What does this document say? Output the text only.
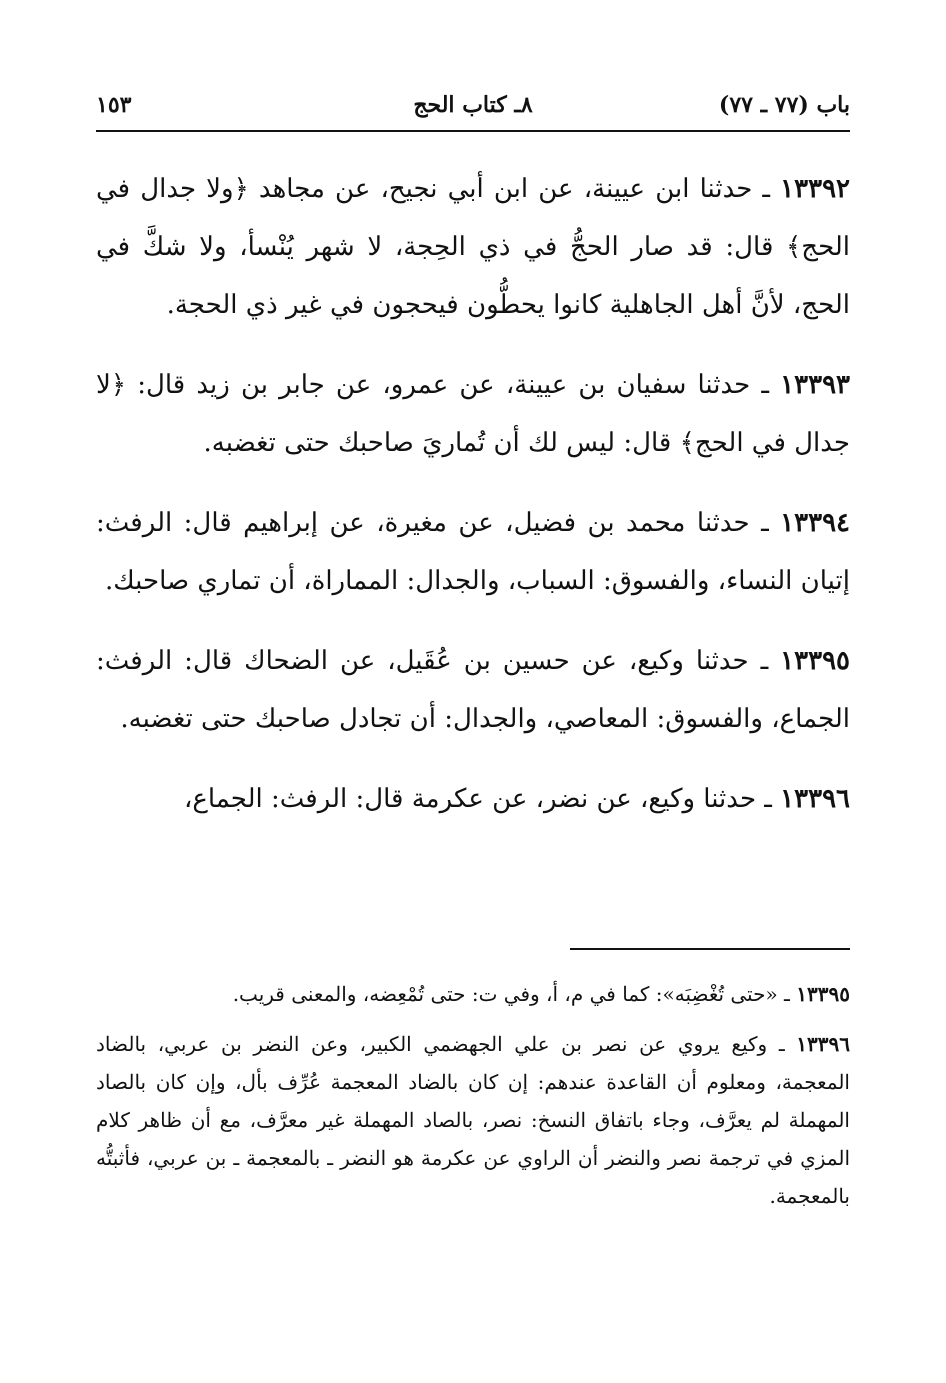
باب (٧٧ ـ ٧٧)
٨ـ كتاب الحج
١٥٣

١٣٣٩٢ ـ حدثنا ابن عيينة، عن ابن أبي نجيح، عن مجاهد ﴿ولا جدال في الحج﴾ قال: قد صار الحجُّ في ذي الحِجة، لا شهر يُنْسأ، ولا شكَّ في الحج، لأنَّ أهل الجاهلية كانوا يحطُّون فيحجون في غير ذي الحجة.

١٣٣٩٣ ـ حدثنا سفيان بن عيينة، عن عمرو، عن جابر بن زيد قال: ﴿لا جدال في الحج﴾ قال: ليس لك أن تُماريَ صاحبك حتى تغضبه.

١٣٣٩٤ ـ حدثنا محمد بن فضيل، عن مغيرة، عن إبراهيم قال: الرفث: إتيان النساء، والفسوق: السباب، والجدال: المماراة، أن تماري صاحبك.

١٣٣٩٥ ـ حدثنا وكيع، عن حسين بن عُقَيل، عن الضحاك قال: الرفث: الجماع، والفسوق: المعاصي، والجدال: أن تجادل صاحبك حتى تغضبه.

١٣٣٩٦ ـ حدثنا وكيع، عن نضر، عن عكرمة قال: الرفث: الجماع،

١٣٣٩٥ ـ «حتى تُغْضِبَه»: كما في م، أ، وفي ت: حتى تُمْعِضه، والمعنى قريب.

١٣٣٩٦ ـ وكيع يروي عن نصر بن علي الجهضمي الكبير، وعن النضر بن عربي، بالضاد المعجمة، ومعلوم أن القاعدة عندهم: إن كان بالضاد المعجمة عُرِّف بأل، وإن كان بالصاد المهملة لم يعرَّف، وجاء باتفاق النسخ: نصر، بالصاد المهملة غير معرَّف، مع أن ظاهر كلام المزي في ترجمة نصر والنضر أن الراوي عن عكرمة هو النضر ـ بالمعجمة ـ بن عربي، فأثبتُّه بالمعجمة.
